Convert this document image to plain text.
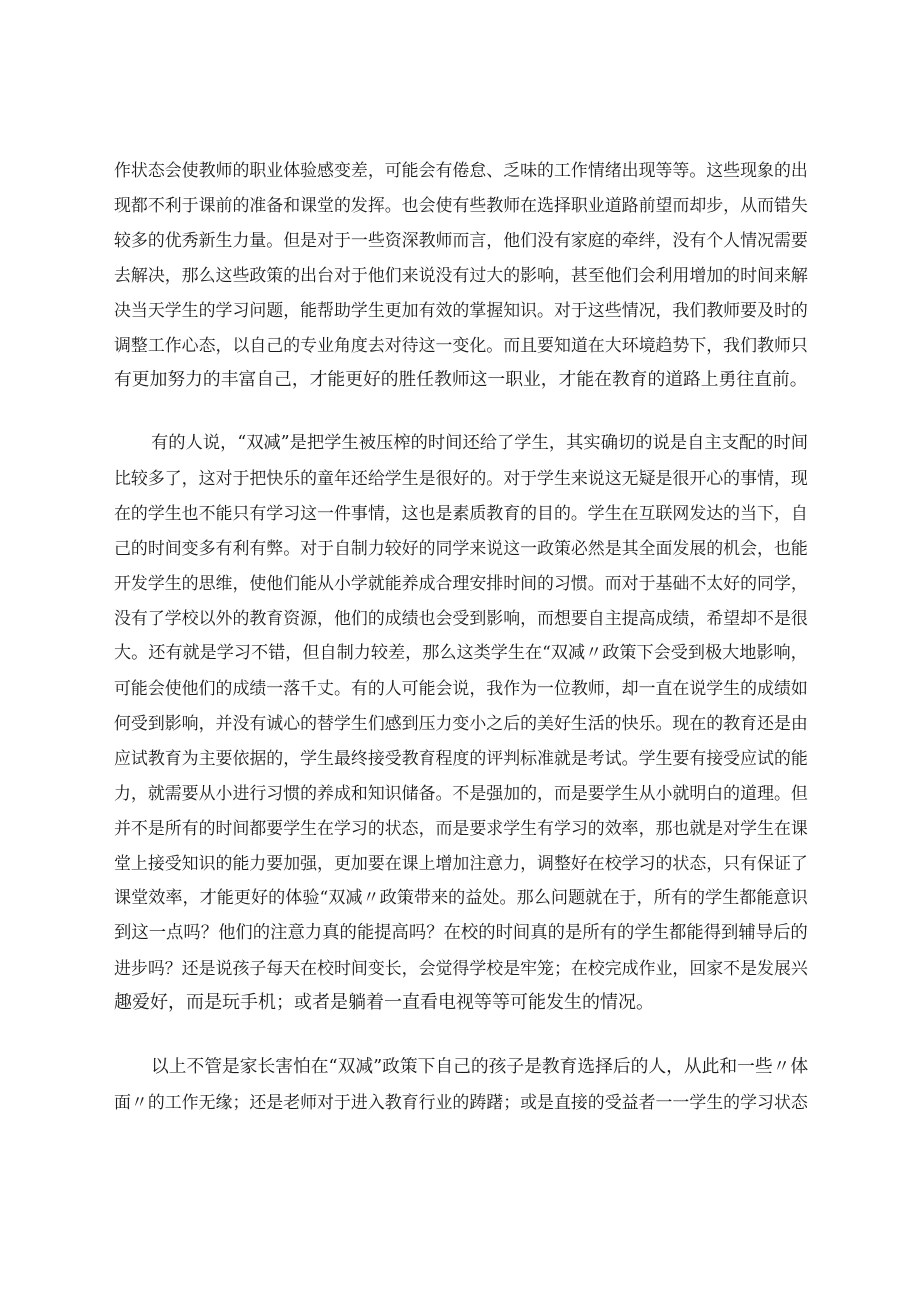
作状态会使教师的职业体验感变差，可能会有倦怠、乏味的工作情绪出现等等。这些现象的出
现都不利于课前的准备和课堂的发挥。也会使有些教师在选择职业道路前望而却步，从而错失
较多的优秀新生力量。但是对于一些资深教师而言，他们没有家庭的牵绊，没有个人情况需要
去解决，那么这些政策的出台对于他们来说没有过大的影响，甚至他们会利用增加的时间来解
决当天学生的学习问题，能帮助学生更加有效的掌握知识。对于这些情况，我们教师要及时的
调整工作心态，以自己的专业角度去对待这一变化。而且要知道在大环境趋势下，我们教师只
有更加努力的丰富自己，才能更好的胜任教师这一职业，才能在教育的道路上勇往直前。
有的人说，“双减”是把学生被压榨的时间还给了学生，其实确切的说是自主支配的时间
比较多了，这对于把快乐的童年还给学生是很好的。对于学生来说这无疑是很开心的事情，现
在的学生也不能只有学习这一件事情，这也是素质教育的目的。学生在互联网发达的当下，自
己的时间变多有利有弊。对于自制力较好的同学来说这一政策必然是其全面发展的机会，也能
开发学生的思维，使他们能从小学就能养成合理安排时间的习惯。而对于基础不太好的同学，
没有了学校以外的教育资源，他们的成绩也会受到影响，而想要自主提高成绩，希望却不是很
大。还有就是学习不错，但自制力较差，那么这类学生在“双减〃政策下会受到极大地影响，
可能会使他们的成绩一落千丈。有的人可能会说，我作为一位教师，却一直在说学生的成绩如
何受到影响，并没有诚心的替学生们感到压力变小之后的美好生活的快乐。现在的教育还是由
应试教育为主要依据的，学生最终接受教育程度的评判标准就是考试。学生要有接受应试的能
力，就需要从小进行习惯的养成和知识储备。不是强加的，而是要学生从小就明白的道理。但
并不是所有的时间都要学生在学习的状态，而是要求学生有学习的效率，那也就是对学生在课
堂上接受知识的能力要加强，更加要在课上增加注意力，调整好在校学习的状态，只有保证了
课堂效率，才能更好的体验“双减〃政策带来的益处。那么问题就在于，所有的学生都能意识
到这一点吗？他们的注意力真的能提高吗？在校的时间真的是所有的学生都能得到辅导后的
进步吗？还是说孩子每天在校时间变长，会觉得学校是牢笼；在校完成作业，回家不是发展兴
趣爱好，而是玩手机；或者是躺着一直看电视等等可能发生的情况。
以上不管是家长害怕在“双减”政策下自己的孩子是教育选择后的人，从此和一些〃体
面〃的工作无缘；还是老师对于进入教育行业的踌躇；或是直接的受益者一一学生的学习状态
